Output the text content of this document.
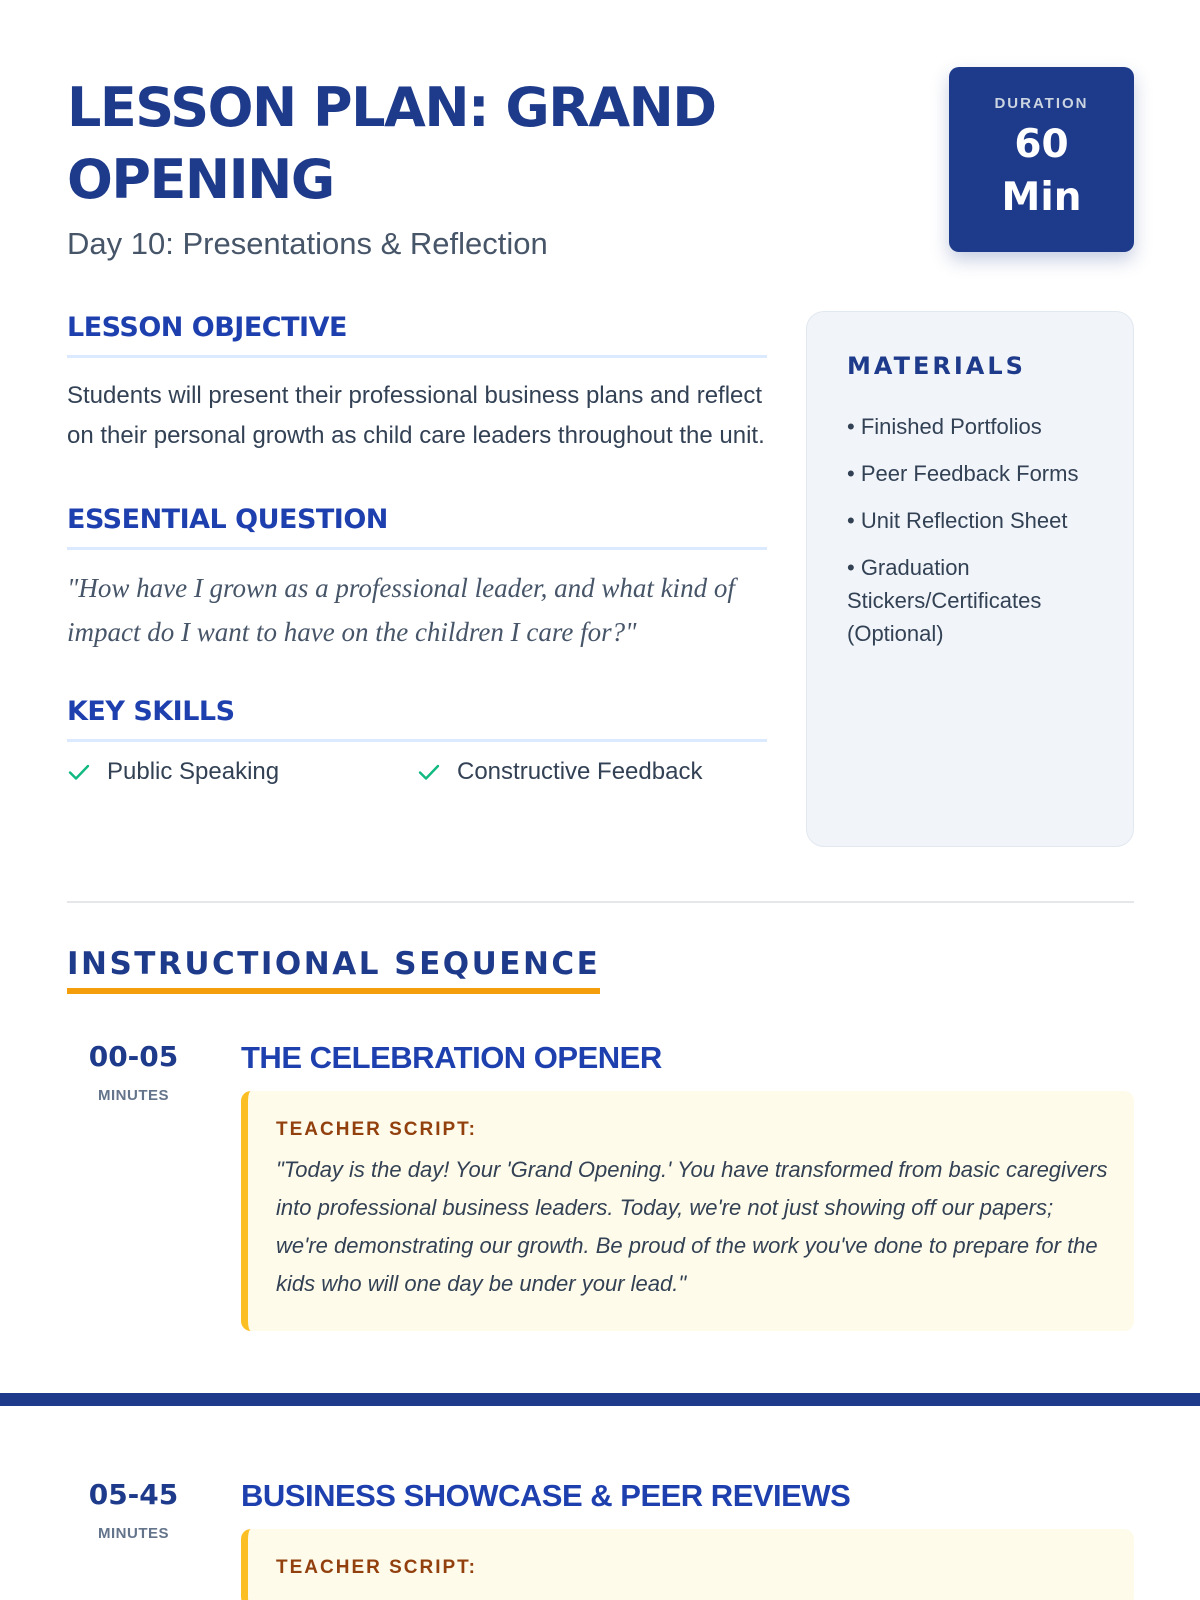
LESSON PLAN: GRAND OPENING
Day 10: Presentations & Reflection
DURATION
60
Min
LESSON OBJECTIVE

Students will present their professional business plans and reflect on their personal growth as child care leaders throughout the unit.

ESSENTIAL QUESTION

"How have I grown as a professional leader, and what kind of impact do I want to have on the children I care for?"

KEY SKILLS
Public Speaking	Constructive Feedback
MATERIALS
• Finished Portfolios
• Peer Feedback Forms
• Unit Reflection Sheet
• Graduation Stickers/Certificates (Optional)
INSTRUCTIONAL SEQUENCE
00-05
MINUTES
THE CELEBRATION OPENER
TEACHER SCRIPT:

"Today is the day! Your 'Grand Opening.' You have transformed from basic caregivers into professional business leaders. Today, we're not just showing off our papers; we're demonstrating our growth. Be proud of the work you've done to prepare for the kids who will one day be under your lead."

05-45
MINUTES
BUSINESS SHOWCASE & PEER REVIEWS
TEACHER SCRIPT:
